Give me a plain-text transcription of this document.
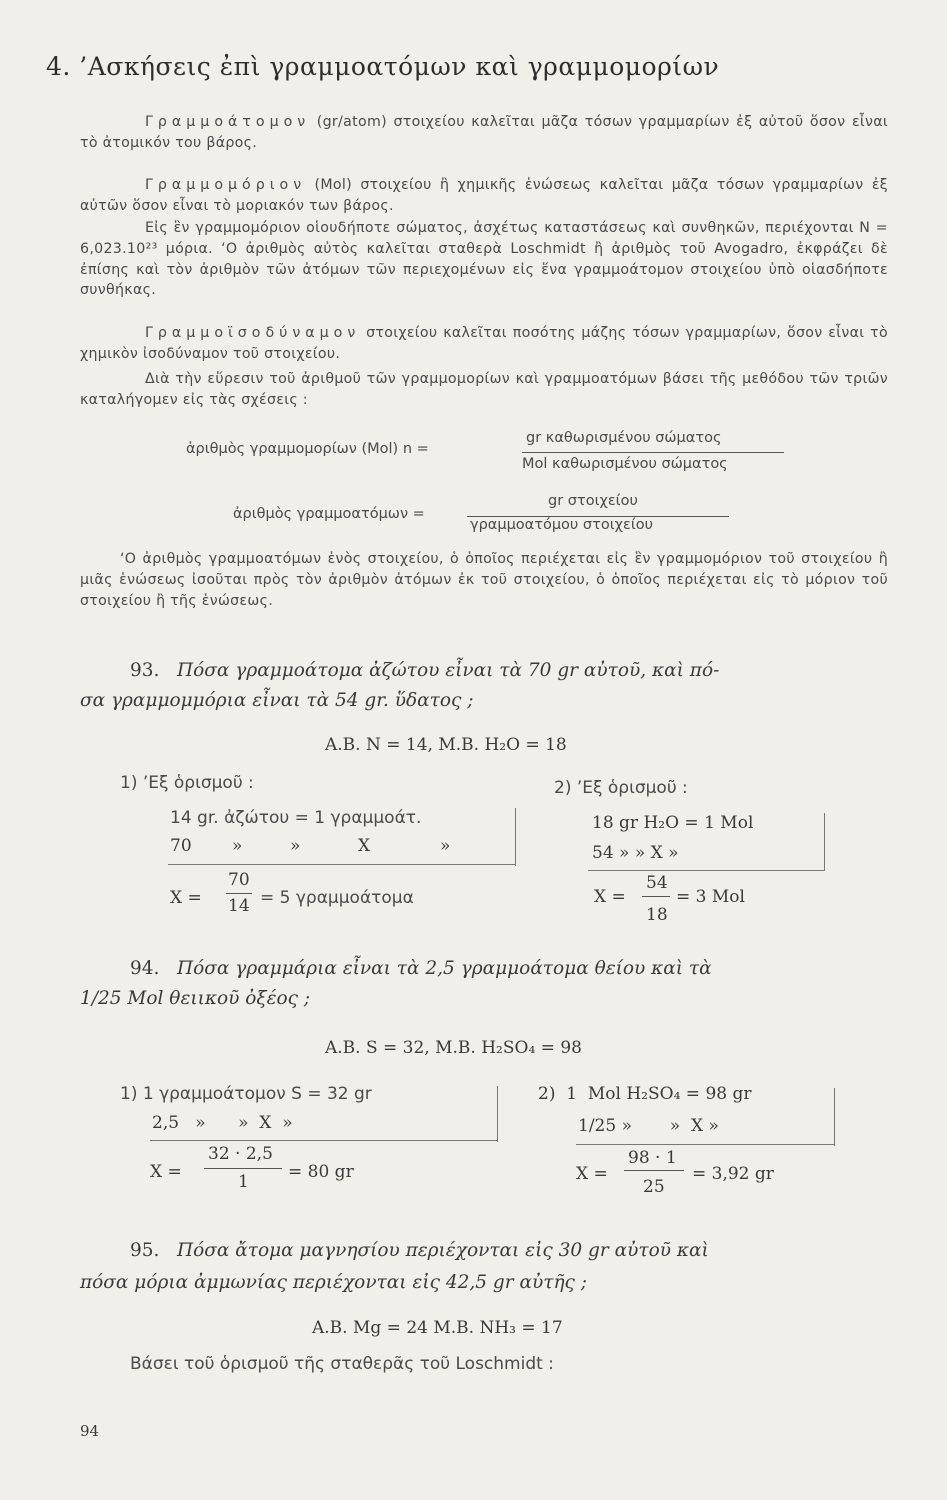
4. ’Ασκήσεις ἐπὶ γραμμοατόμων καὶ γραμμομορίων
Γραμμοάτομον (gr/atom) στοιχείου καλεῖται μᾶζα τόσων γραμμαρίων ἐξ αὐτοῦ ὅσον εἶναι τὸ ἀτομικόν του βάρος.
Γραμμομόριον (Mol) στοιχείου ἢ χημικῆς ἑνώσεως καλεῖται μᾶζα τόσων γραμμαρίων ἐξ αὐτῶν ὅσον εἶναι τὸ μοριακόν των βάρος.
Εἰς ἓν γραμμομόριον οἱουδήποτε σώματος, ἀσχέτως καταστάσεως καὶ συνθηκῶν, περιέχονται N = 6,023.10²³ μόρια. ‘Ο ἀριθμὸς αὐτὸς καλεῖται σταθερὰ Loschmidt ἢ ἀριθμὸς τοῦ Avogadro, ἐκφράζει δὲ ἐπίσης καὶ τὸν ἀριθμὸν τῶν ἀτόμων τῶν περιεχομένων εἰς ἕνα γραμμοάτομον στοιχείου ὑπὸ οἱασδήποτε συνθήκας.
Γραμμοϊσοδύναμον στοιχείου καλεῖται ποσότης μάζης τόσων γραμμαρίων, ὅσον εἶναι τὸ χημικὸν ἰσοδύναμον τοῦ στοιχείου.
Διὰ τὴν εὕρεσιν τοῦ ἀριθμοῦ τῶν γραμμομορίων καὶ γραμμοατόμων βάσει τῆς μεθόδου τῶν τριῶν καταλήγομεν εἰς τὰς σχέσεις :
ἀριθμὸς γραμμομορίων (Mol) n =
gr καθωρισμένου σώματος
Mol καθωρισμένου σώματος
ἀριθμὸς γραμμοατόμων =
gr στοιχείου
γραμμοατόμου στοιχείου
‘Ο ἀριθμὸς γραμμοατόμων ἑνὸς στοιχείου, ὁ ὁποῖος περιέχεται εἰς ἓν γραμμομόριον τοῦ στοιχείου ἢ μιᾶς ἑνώσεως ἰσοῦται πρὸς τὸν ἀριθμὸν ἀτόμων ἐκ τοῦ στοιχείου, ὁ ὁποῖος περιέχεται εἰς τὸ μόριον τοῦ στοιχείου ἢ τῆς ἑνώσεως.
93. Πόσα γραμμοάτομα ἀζώτου εἶναι τὰ 70 gr αὐτοῦ, καὶ πό-
σα γραμμομμόρια εἶναι τὰ 54 gr. ὕδατος ;
Α.Β. Ν = 14, Μ.Β. Η₂Ο = 18
1) ’Εξ ὁρισμοῦ :
14 gr. ἀζώτου = 1 γραμμοάτ.
70 »	»	X	»
X =
70
14 = 5 γραμμοάτομα
2) ’Εξ ὁρισμοῦ :
18 gr H₂O = 1 Mol
54 » » X »
X =
54
18
= 3 Mol
94. Πόσα γραμμάρια εἶναι τὰ 2,5 γραμμοάτομα θείου καὶ τὰ
1/25 Mol θειικοῦ ὀξέος ;
Α.Β. S = 32, Μ.Β. Η₂SO₄ = 98
1) 1 γραμμοάτομον S = 32 gr
2,5   »      »  X  »
X =
32 · 2,5
1 = 80 gr
2)  1  Mol H₂SO₄ = 98 gr
1/25 »       »  X »
X =
98 · 1
25
= 3,92 gr
95. Πόσα ἄτομα μαγνησίου περιέχονται εἰς 30 gr αὐτοῦ καὶ
πόσα μόρια ἀμμωνίας περιέχονται εἰς 42,5 gr αὐτῆς ;
Α.Β. Mg = 24 Μ.Β. ΝΗ₃ = 17
Βάσει τοῦ ὁρισμοῦ τῆς σταθερᾶς τοῦ Loschmidt :
94
